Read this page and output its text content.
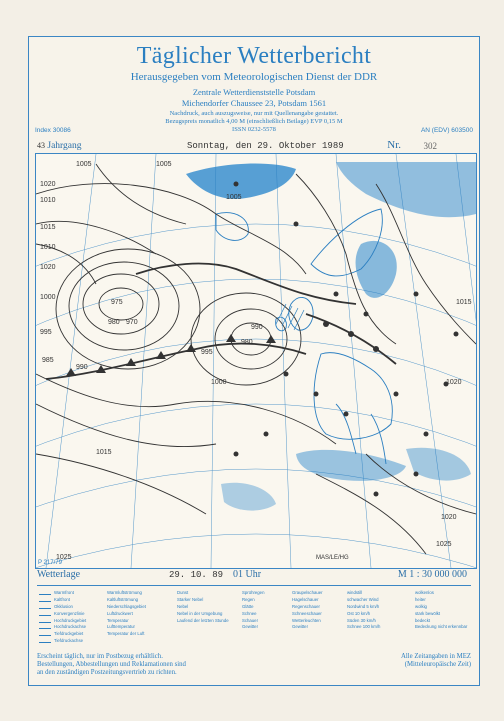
Täglicher Wetterbericht
Herausgegeben vom Meteorologischen Dienst der DDR
Zentrale Wetterdienststelle Potsdam
Michendorfer Chaussee 23, Potsdam 1561
Nachdruck, auch auszugsweise, nur mit Quellenangabe gestattet.
Bezugspreis monatlich 4,00 M (einschließlich Beilage) EVP 0,15 M
ISSN 0232-5578
Index 30086	AN (EDV) 603500
43 Jahrgang	Sonntag, den 29. Oktober 1989	Nr.	302
1005	1005
1010
1020
1010
1015
1000
1020
995
975
980 970
985
990
995
1000
980
990
1005
1015
1020
1020
1025
1025
1015
MAS/LE/HG
P 217/79
Wetterlage	29. 10. 89 01 Uhr	M 1 : 30 000 000
Warmfront
Kaltfront
Okklusion
Konvergenzlinie
Hochdruckgebiet
Hochdruckachse
Tiefdruckgebiet
Tiefdruckachse
Warmluftströmung
Kaltluftströmung
Niederschlagsgebiet
Luftdruckwert
Temperatur
Lufttemperatur
Temperatur der Luft
Dunst
Starker Nebel
Nebel
Nebel in der Umgebung
Laufend der letzten Stunde
Sprühregen
Regen
Glätte
Schnee
Schauer
Gewitter
Graupelschauer
Hagelschauer
Regenschauer
Schneeschauer
Wetterleuchten
Gewitter
windstill
schwacher Wind
Nordwind 5 km/h
Ost 10 km/h
Süden 30 km/h
Schnee 100 km/h
wolkenlos
heiter
wolkig
stark bewölkt
bedeckt
Bedeckung nicht erkennbar
Erscheint täglich, nur im Postbezug erhältlich.
Bestellungen, Abbestellungen und Reklamationen sind
an den zuständigen Postzeitungsvertrieb zu richten.
Alle Zeitangaben in MEZ
(Mitteleuropäische Zeit)
